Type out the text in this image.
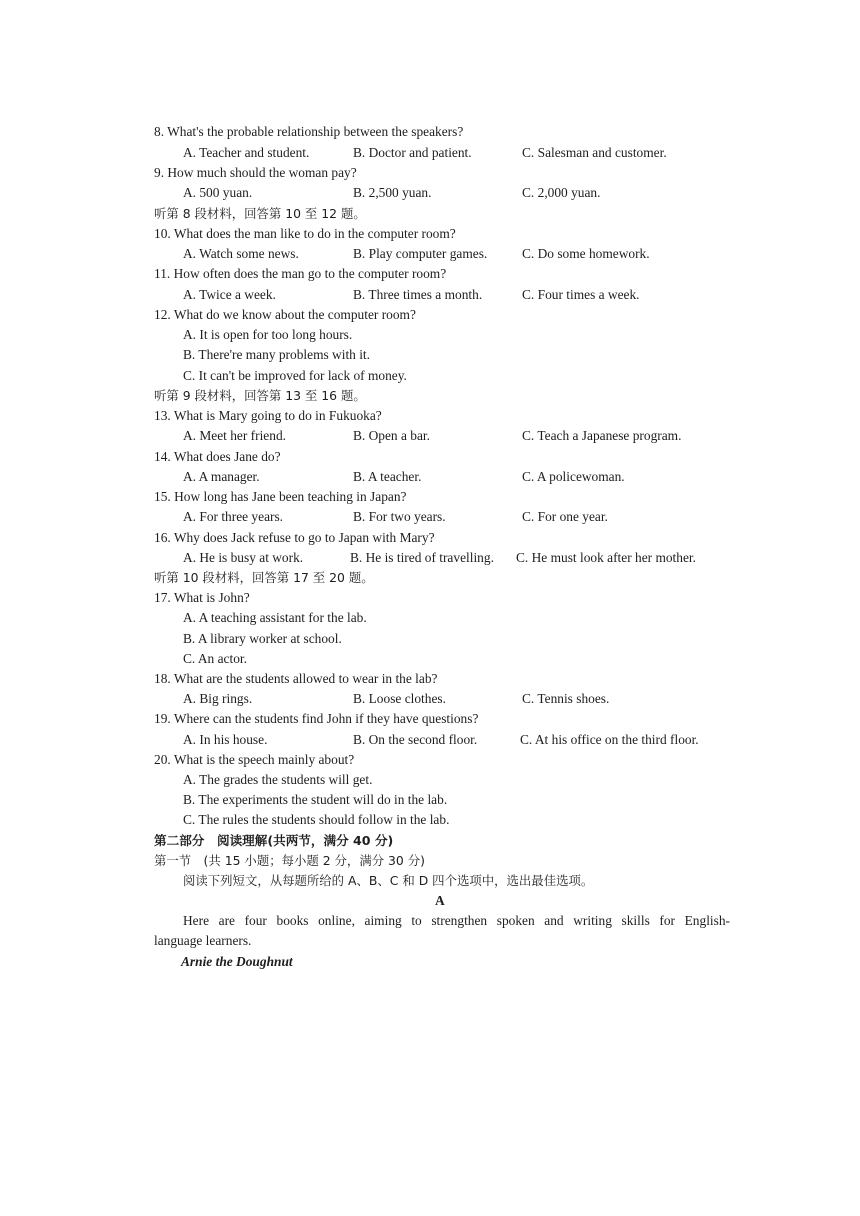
8. What's the probable relationship between the speakers?

A. Teacher and student.	B. Doctor and patient.	C. Salesman and customer.

9. How much should the woman pay?

A. 500 yuan.	B. 2,500 yuan.	C. 2,000 yuan.

听第 8 段材料，回答第 10 至 12 题。

10. What does the man like to do in the computer room?

A. Watch some news.	B. Play computer games.	C. Do some homework.

11. How often does the man go to the computer room?

A. Twice a week.	B. Three times a month.	C. Four times a week.

12. What do we know about the computer room?

A. It is open for too long hours.

B. There're many problems with it.

C. It can't be improved for lack of money.

听第 9 段材料，回答第 13 至 16 题。

13. What is Mary going to do in Fukuoka?

A. Meet her friend.	B. Open a bar.	C. Teach a Japanese program.

14. What does Jane do?

A. A manager.	B. A teacher.	C. A policewoman.

15. How long has Jane been teaching in Japan?

A. For three years.	B. For two years.	C. For one year.

16. Why does Jack refuse to go to Japan with Mary?

A. He is busy at work.	B. He is tired of travelling. C. He must look after her mother.

听第 10 段材料，回答第 17 至 20 题。

17. What is John?

A. A teaching assistant for the lab.

B. A library worker at school.

C. An actor.

18. What are the students allowed to wear in the lab?

A. Big rings.	B. Loose clothes.	C. Tennis shoes.

19. Where can the students find John if they have questions?

A. In his house.	B. On the second floor.	C. At his office on the third floor.

20. What is the speech mainly about?

A. The grades the students will get.

B. The experiments the student will do in the lab.

C. The rules the students should follow in the lab.

第二部分　阅读理解(共两节，满分 40 分)

第一节　(共 15 小题；每小题 2 分，满分 30 分)

阅读下列短文，从每题所给的 A、B、C 和 D 四个选项中，选出最佳选项。

A

Here are four books online, aiming to strengthen spoken and writing skills for English-

language learners.

Arnie the Doughnut
